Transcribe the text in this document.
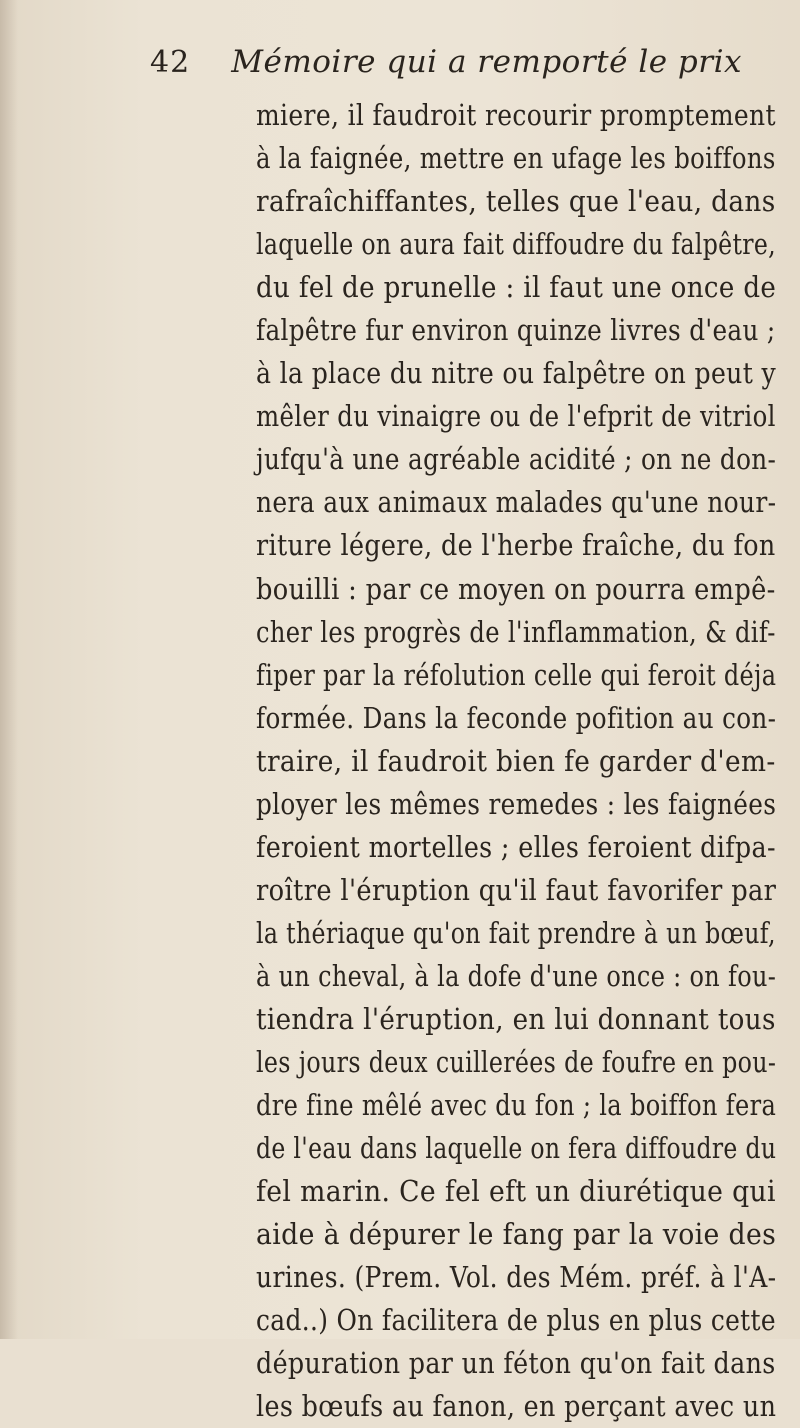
42 Mémoire qui a remporté le prix
miere, il faudroit recourir promptement
à la faignée, mettre en ufage les boiffons
rafraîchiffantes, telles que l'eau, dans
laquelle on aura fait diffoudre du falpêtre,
du fel de prunelle : il faut une once de
falpêtre fur environ quinze livres d'eau ;
à la place du nitre ou falpêtre on peut y
mêler du vinaigre ou de l'efprit de vitriol
jufqu'à une agréable acidité ; on ne don-
nera aux animaux malades qu'une nour-
riture légere, de l'herbe fraîche, du fon
bouilli : par ce moyen on pourra empê-
cher les progrès de l'inflammation, & dif-
fiper par la réfolution celle qui feroit déja
formée. Dans la feconde pofition au con-
traire, il faudroit bien fe garder d'em-
ployer les mêmes remedes : les faignées
feroient mortelles ; elles feroient difpa-
roître l'éruption qu'il faut favorifer par
la thériaque qu'on fait prendre à un bœuf,
à un cheval, à la dofe d'une once : on fou-
tiendra l'éruption, en lui donnant tous
les jours deux cuillerées de foufre en pou-
dre fine mêlé avec du fon ; la boiffon fera
de l'eau dans laquelle on fera diffoudre du
fel marin. Ce fel eft un diurétique qui
aide à dépurer le fang par la voie des
urines. (Prem. Vol. des Mém. préf. à l'A-
cad..) On facilitera de plus en plus cette
dépuration par un féton qu'on fait dans
les bœufs au fanon, en perçant avec un
